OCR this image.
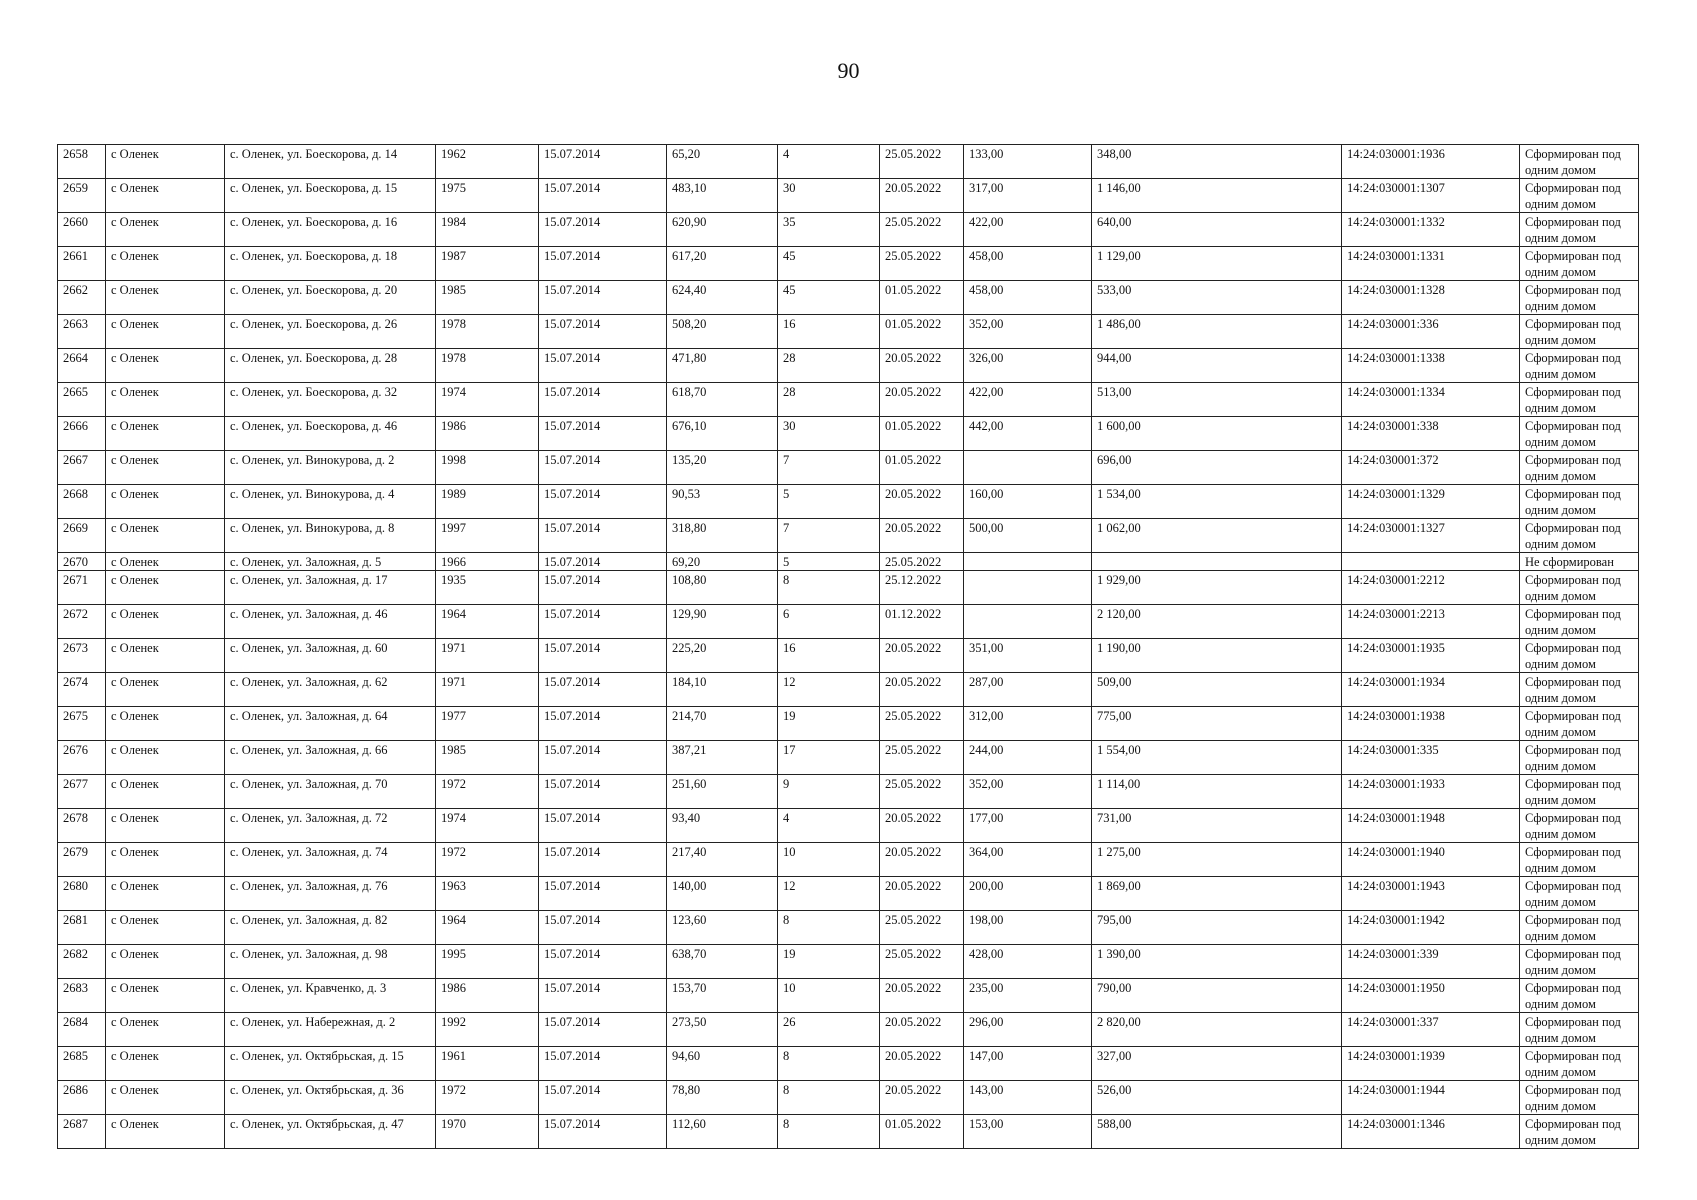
90
2658	с Оленек	с. Оленек, ул. Боескорова, д. 14	1962	15.07.2014	65,20	4	25.05.2022	133,00	348,00	14:24:030001:1936	Сформирован под одним домом
2659	с Оленек	с. Оленек, ул. Боескорова, д. 15	1975	15.07.2014	483,10	30	20.05.2022	317,00	1 146,00	14:24:030001:1307	Сформирован под одним домом
2660	с Оленек	с. Оленек, ул. Боескорова, д. 16	1984	15.07.2014	620,90	35	25.05.2022	422,00	640,00	14:24:030001:1332	Сформирован под одним домом
2661	с Оленек	с. Оленек, ул. Боескорова, д. 18	1987	15.07.2014	617,20	45	25.05.2022	458,00	1 129,00	14:24:030001:1331	Сформирован под одним домом
2662	с Оленек	с. Оленек, ул. Боескорова, д. 20	1985	15.07.2014	624,40	45	01.05.2022	458,00	533,00	14:24:030001:1328	Сформирован под одним домом
2663	с Оленек	с. Оленек, ул. Боескорова, д. 26	1978	15.07.2014	508,20	16	01.05.2022	352,00	1 486,00	14:24:030001:336	Сформирован под одним домом
2664	с Оленек	с. Оленек, ул. Боескорова, д. 28	1978	15.07.2014	471,80	28	20.05.2022	326,00	944,00	14:24:030001:1338	Сформирован под одним домом
2665	с Оленек	с. Оленек, ул. Боескорова, д. 32	1974	15.07.2014	618,70	28	20.05.2022	422,00	513,00	14:24:030001:1334	Сформирован под одним домом
2666	с Оленек	с. Оленек, ул. Боескорова, д. 46	1986	15.07.2014	676,10	30	01.05.2022	442,00	1 600,00	14:24:030001:338	Сформирован под одним домом
2667	с Оленек	с. Оленек, ул. Винокурова, д. 2	1998	15.07.2014	135,20	7	01.05.2022		696,00	14:24:030001:372	Сформирован под одним домом
2668	с Оленек	с. Оленек, ул. Винокурова, д. 4	1989	15.07.2014	90,53	5	20.05.2022	160,00	1 534,00	14:24:030001:1329	Сформирован под одним домом
2669	с Оленек	с. Оленек, ул. Винокурова, д. 8	1997	15.07.2014	318,80	7	20.05.2022	500,00	1 062,00	14:24:030001:1327	Сформирован под одним домом
2670	с Оленек	с. Оленек, ул. Заложная, д. 5	1966	15.07.2014	69,20	5	25.05.2022				Не сформирован
2671	с Оленек	с. Оленек, ул. Заложная, д. 17	1935	15.07.2014	108,80	8	25.12.2022		1 929,00	14:24:030001:2212	Сформирован под одним домом
2672	с Оленек	с. Оленек, ул. Заложная, д. 46	1964	15.07.2014	129,90	6	01.12.2022		2 120,00	14:24:030001:2213	Сформирован под одним домом
2673	с Оленек	с. Оленек, ул. Заложная, д. 60	1971	15.07.2014	225,20	16	20.05.2022	351,00	1 190,00	14:24:030001:1935	Сформирован под одним домом
2674	с Оленек	с. Оленек, ул. Заложная, д. 62	1971	15.07.2014	184,10	12	20.05.2022	287,00	509,00	14:24:030001:1934	Сформирован под одним домом
2675	с Оленек	с. Оленек, ул. Заложная, д. 64	1977	15.07.2014	214,70	19	25.05.2022	312,00	775,00	14:24:030001:1938	Сформирован под одним домом
2676	с Оленек	с. Оленек, ул. Заложная, д. 66	1985	15.07.2014	387,21	17	25.05.2022	244,00	1 554,00	14:24:030001:335	Сформирован под одним домом
2677	с Оленек	с. Оленек, ул. Заложная, д. 70	1972	15.07.2014	251,60	9	25.05.2022	352,00	1 114,00	14:24:030001:1933	Сформирован под одним домом
2678	с Оленек	с. Оленек, ул. Заложная, д. 72	1974	15.07.2014	93,40	4	20.05.2022	177,00	731,00	14:24:030001:1948	Сформирован под одним домом
2679	с Оленек	с. Оленек, ул. Заложная, д. 74	1972	15.07.2014	217,40	10	20.05.2022	364,00	1 275,00	14:24:030001:1940	Сформирован под одним домом
2680	с Оленек	с. Оленек, ул. Заложная, д. 76	1963	15.07.2014	140,00	12	20.05.2022	200,00	1 869,00	14:24:030001:1943	Сформирован под одним домом
2681	с Оленек	с. Оленек, ул. Заложная, д. 82	1964	15.07.2014	123,60	8	25.05.2022	198,00	795,00	14:24:030001:1942	Сформирован под одним домом
2682	с Оленек	с. Оленек, ул. Заложная, д. 98	1995	15.07.2014	638,70	19	25.05.2022	428,00	1 390,00	14:24:030001:339	Сформирован под одним домом
2683	с Оленек	с. Оленек, ул. Кравченко, д. 3	1986	15.07.2014	153,70	10	20.05.2022	235,00	790,00	14:24:030001:1950	Сформирован под одним домом
2684	с Оленек	с. Оленек, ул. Набережная, д. 2	1992	15.07.2014	273,50	26	20.05.2022	296,00	2 820,00	14:24:030001:337	Сформирован под одним домом
2685	с Оленек	с. Оленек, ул. Октябрьская, д. 15	1961	15.07.2014	94,60	8	20.05.2022	147,00	327,00	14:24:030001:1939	Сформирован под одним домом
2686	с Оленек	с. Оленек, ул. Октябрьская, д. 36	1972	15.07.2014	78,80	8	20.05.2022	143,00	526,00	14:24:030001:1944	Сформирован под одним домом
2687	с Оленек	с. Оленек, ул. Октябрьская, д. 47	1970	15.07.2014	112,60	8	01.05.2022	153,00	588,00	14:24:030001:1346	Сформирован под одним домом
